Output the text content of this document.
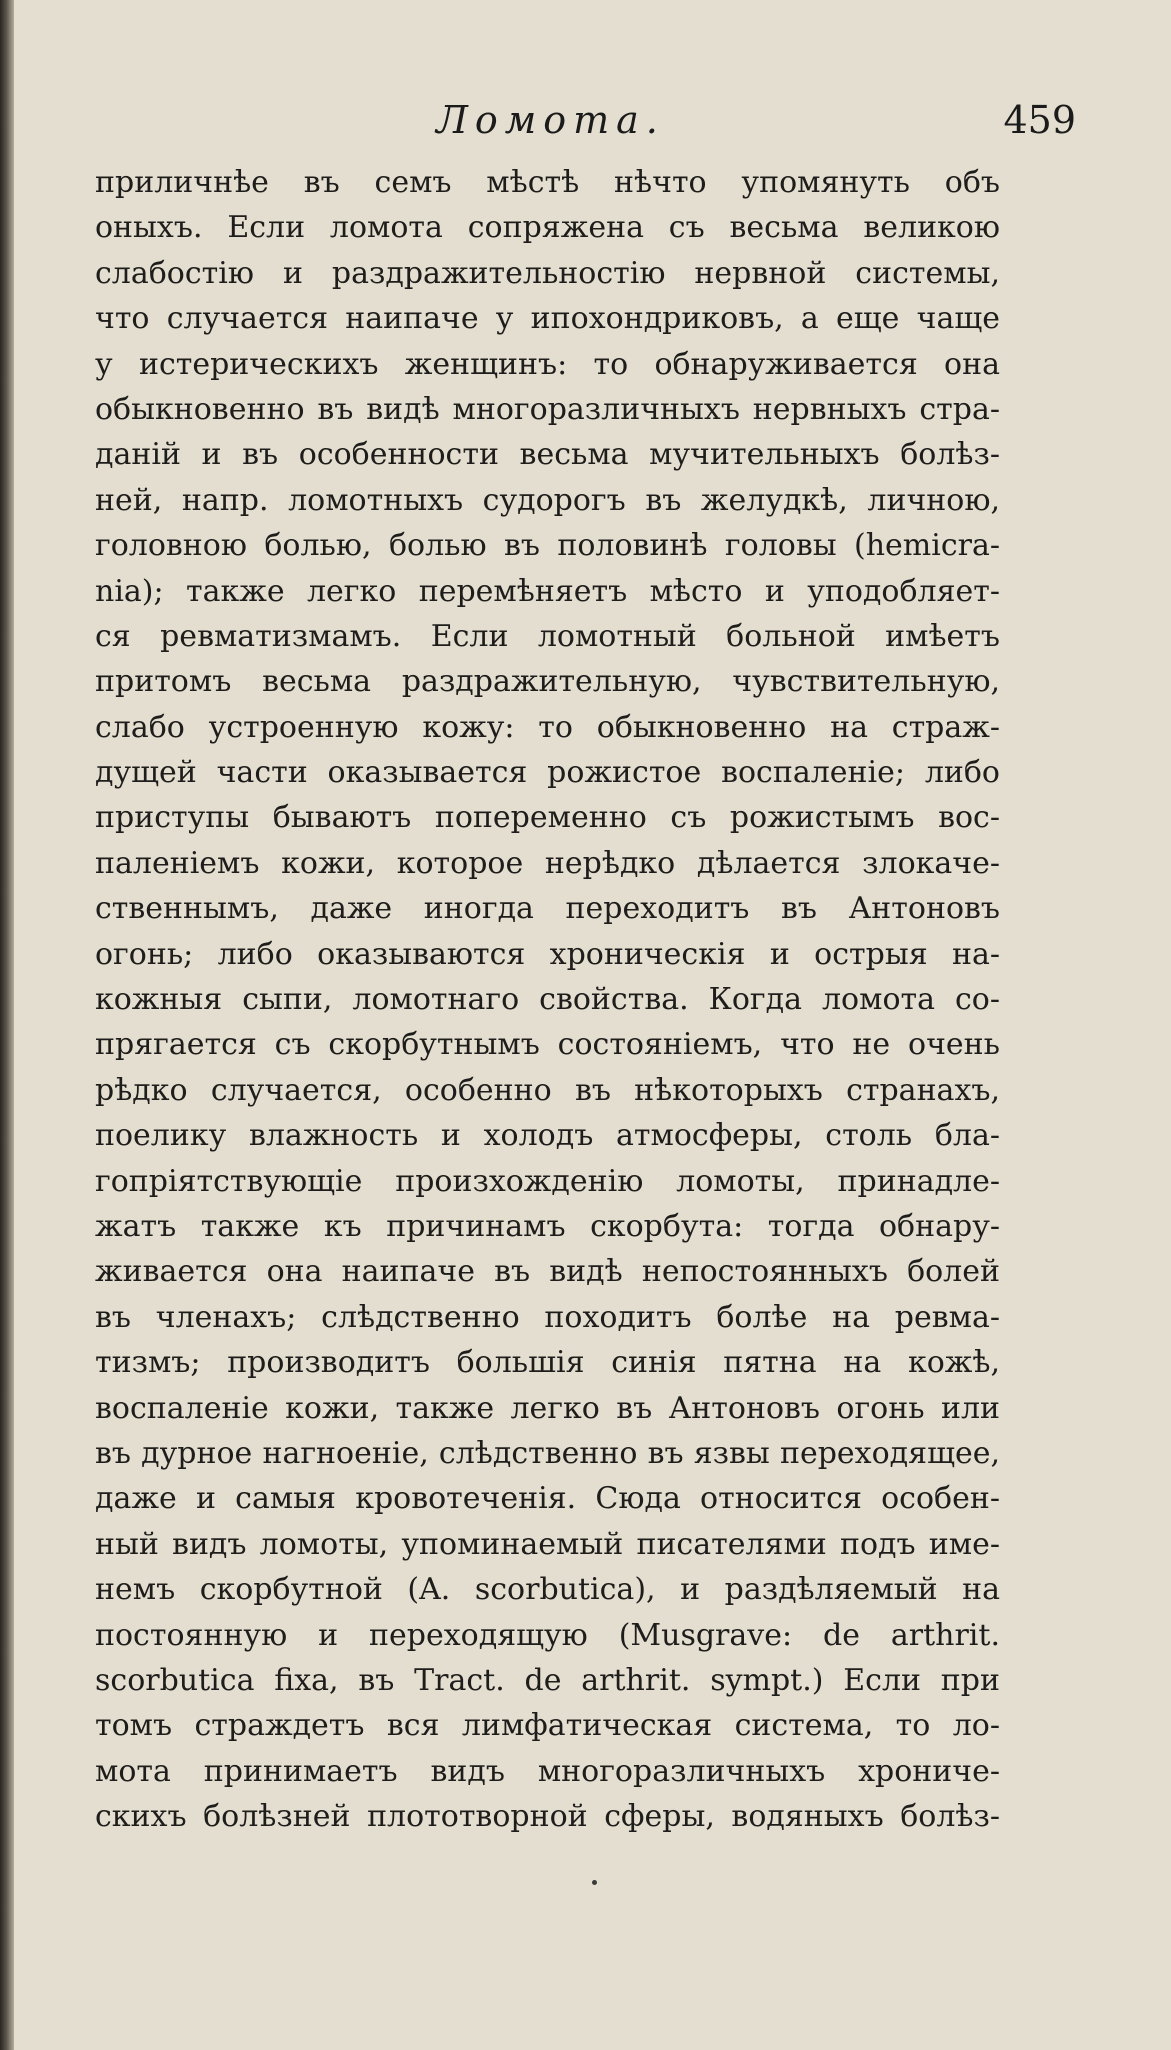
Ломота.	459
приличнѣе въ семъ мѣстѣ нѣчто упомянуть объ
оныхъ. Если ломота сопряжена съ весьма великою
слабостію и раздражительностію нервной системы,
что случается наипаче у ипохондриковъ, а еще чаще
у истерическихъ женщинъ: то обнаруживается она
обыкновенно въ видѣ многоразличныхъ нервныхъ стра-
даній и въ особенности весьма мучительныхъ болѣз-
ней, напр. ломотныхъ судорогъ въ желудкѣ, личною,
головною болью, болью въ половинѣ головы (hemicra-
nia); также легко перемѣняетъ мѣсто и уподобляет-
ся ревматизмамъ. Если ломотный больной имѣетъ
притомъ весьма раздражительную, чувствительную,
слабо устроенную кожу: то обыкновенно на страж-
дущей части оказывается рожистое воспаленіе; либо
приступы бываютъ попеременно съ рожистымъ вос-
паленіемъ кожи, которое нерѣдко дѣлается злокаче-
ственнымъ, даже иногда переходитъ въ Антоновъ
огонь; либо оказываются хроническія и острыя на-
кожныя сыпи, ломотнаго свойства. Когда ломота со-
прягается съ скорбутнымъ состояніемъ, что не очень
рѣдко случается, особенно въ нѣкоторыхъ странахъ,
поелику влажность и холодъ атмосферы, столь бла-
гопріятствующіе произхожденію ломоты, принадле-
жатъ также къ причинамъ скорбута: тогда обнару-
живается она наипаче въ видѣ непостоянныхъ болей
въ членахъ; слѣдственно походитъ болѣе на ревма-
тизмъ; производитъ большія синія пятна на кожѣ,
воспаленіе кожи, также легко въ Антоновъ огонь или
въ дурное нагноеніе, слѣдственно въ язвы переходящее,
даже и самыя кровотеченія. Сюда относится особен-
ный видъ ломоты, упоминаемый писателями подъ име-
немъ скорбутной (A. scorbutica), и раздѣляемый на
постоянную и переходящую (Musgrave: de arthrit.
scorbutica fixa, въ Tract. de arthrit. sympt.) Если при
томъ страждетъ вся лимфатическая система, то ло-
мота принимаетъ видъ многоразличныхъ хрониче-
скихъ болѣзней плототворной сферы, водяныхъ болѣз-
